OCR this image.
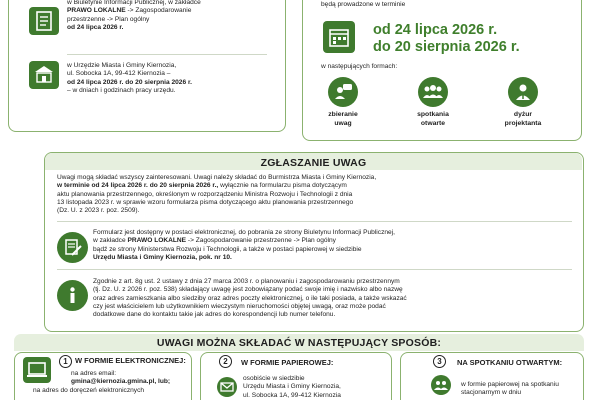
w Biuletynie Informacji Publicznej, w zakładce
PRAWO LOKALNE -> Zagospodarowanie
przestrzenne -> Plan ogólny
od 24 lipca 2026 r.
w Urzędzie Miasta i Gminy Kiernozia,
ul. Sobocka 1A, 99-412 Kiernozia –
od 24 lipca 2026 r. do 20 sierpnia 2026 r.
– w dniach i godzinach pracy urzędu.
będą prowadzone w terminie
od 24 lipca 2026 r.
do 20 sierpnia 2026 r.
w następujących formach:
zbieranie
uwag
spotkania
otwarte
dyżur
projektanta
ZGŁASZANIE UWAG
Uwagi mogą składać wszyscy zainteresowani. Uwagi należy składać do Burmistrza Miasta i Gminy Kiernozia,
w terminie od 24 lipca 2026 r. do 20 sierpnia 2026 r., wyłącznie na formularzu pisma dotyczącym
aktu planowania przestrzennego, określonym w rozporządzeniu Ministra Rozwoju i Technologii z dnia
13 listopada 2023 r. w sprawie wzoru formularza pisma dotyczącego aktu planowania przestrzennego
(Dz. U. z 2023 r. poz. 2509).
Formularz jest dostępny w postaci elektronicznej, do pobrania ze strony Biuletynu Informacji Publicznej,
w zakładce PRAWO LOKALNE -> Zagospodarowanie przestrzenne -> Plan ogólny
bądź ze strony Ministerstwa Rozwoju i Technologii, a także w postaci papierowej w siedzibie
Urzędu Miasta i Gminy Kiernozia, pok. nr 10.
Zgodnie z art. 8g ust. 2 ustawy z dnia 27 marca 2003 r. o planowaniu i zagospodarowaniu przestrzennym
(tj. Dz. U. z 2026 r. poz. 538) składający uwagę jest zobowiązany podać swoje imię i nazwisko albo nazwę
oraz adres zamieszkania albo siedziby oraz adres poczty elektronicznej, o ile taki posiada, a także wskazać
czy jest właścicielem lub użytkownikiem wieczystym nieruchomości objętej uwagą, oraz może podać
dodatkowe dane do kontaktu takie jak adres do korespondencji lub numer telefonu.
UWAGI MOŻNA SKŁADAĆ W NASTĘPUJĄCY SPOSÓB:
1 W FORMIE ELEKTRONICZNEJ:
na adres email:
gmina@kiernozia.gmina.pl, lub;
na adres do doręczeń elektronicznych
2	W FORMIE PAPIEROWEJ:
osobiście w siedzibie
Urzędu Miasta i Gminy Kiernozia,
ul. Sobocka 1A, 99-412 Kiernozia
3	NA SPOTKANIU OTWARTYM:
w formie papierowej na spotkaniu
stacjonarnym w dniu
